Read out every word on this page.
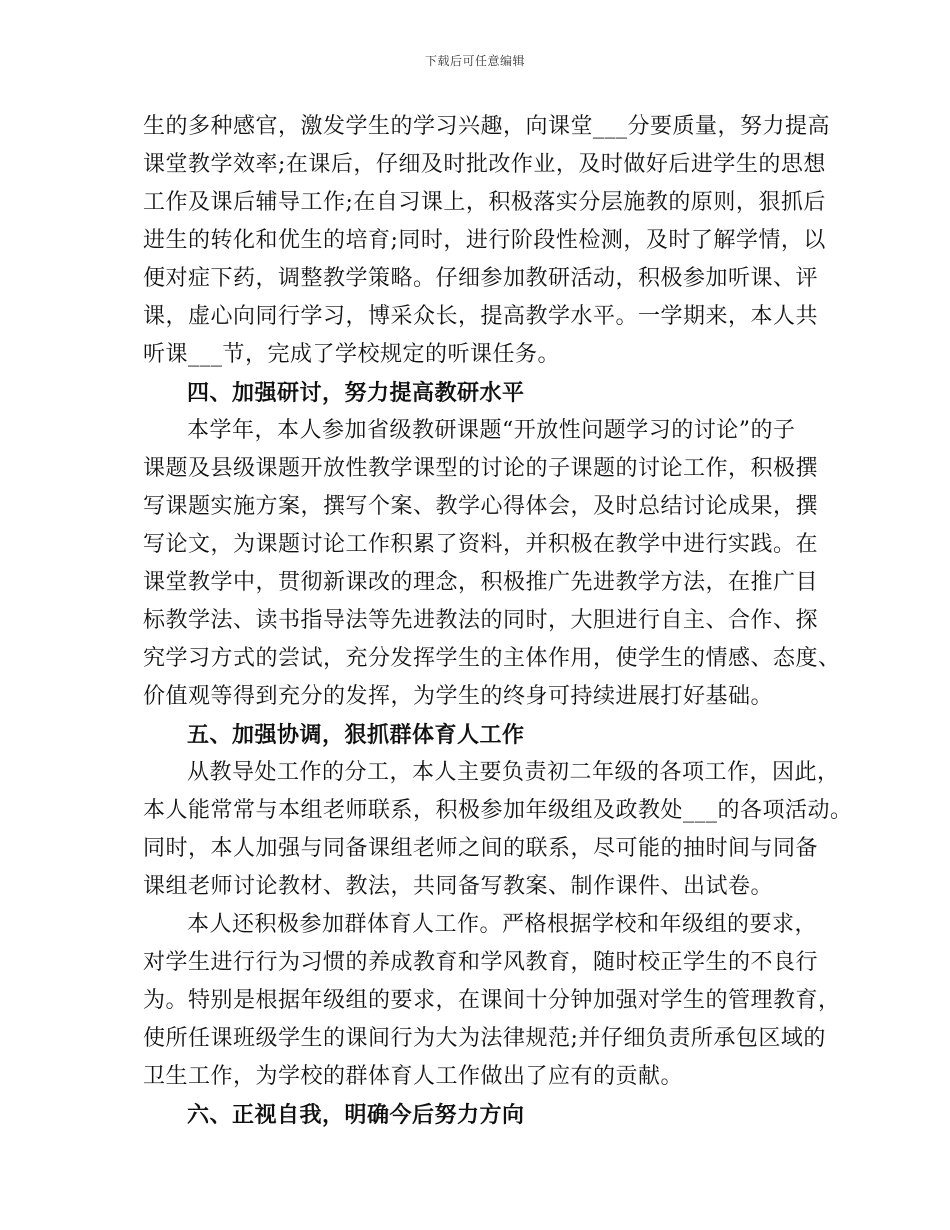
下载后可任意编辑
生的多种感官，激发学生的学习兴趣，向课堂___分要质量，努力提高
课堂教学效率;在课后，仔细及时批改作业，及时做好后进学生的思想
工作及课后辅导工作;在自习课上，积极落实分层施教的原则，狠抓后
进生的转化和优生的培育;同时，进行阶段性检测，及时了解学情，以
便对症下药，调整教学策略。仔细参加教研活动，积极参加听课、评
课，虚心向同行学习，博采众长，提高教学水平。一学期来，本人共
听课___节，完成了学校规定的听课任务。
四、加强研讨，努力提高教研水平
本学年，本人参加省级教研课题“开放性问题学习的讨论”的子
课题及县级课题开放性教学课型的讨论的子课题的讨论工作，积极撰
写课题实施方案，撰写个案、教学心得体会，及时总结讨论成果，撰
写论文，为课题讨论工作积累了资料，并积极在教学中进行实践。在
课堂教学中，贯彻新课改的理念，积极推广先进教学方法，在推广目
标教学法、读书指导法等先进教法的同时，大胆进行自主、合作、探
究学习方式的尝试，充分发挥学生的主体作用，使学生的情感、态度、
价值观等得到充分的发挥，为学生的终身可持续进展打好基础。
五、加强协调，狠抓群体育人工作
从教导处工作的分工，本人主要负责初二年级的各项工作，因此，
本人能常常与本组老师联系，积极参加年级组及政教处___的各项活动。
同时，本人加强与同备课组老师之间的联系，尽可能的抽时间与同备
课组老师讨论教材、教法，共同备写教案、制作课件、出试卷。
本人还积极参加群体育人工作。严格根据学校和年级组的要求，
对学生进行行为习惯的养成教育和学风教育，随时校正学生的不良行
为。特别是根据年级组的要求，在课间十分钟加强对学生的管理教育，
使所任课班级学生的课间行为大为法律规范;并仔细负责所承包区域的
卫生工作，为学校的群体育人工作做出了应有的贡献。
六、正视自我，明确今后努力方向
